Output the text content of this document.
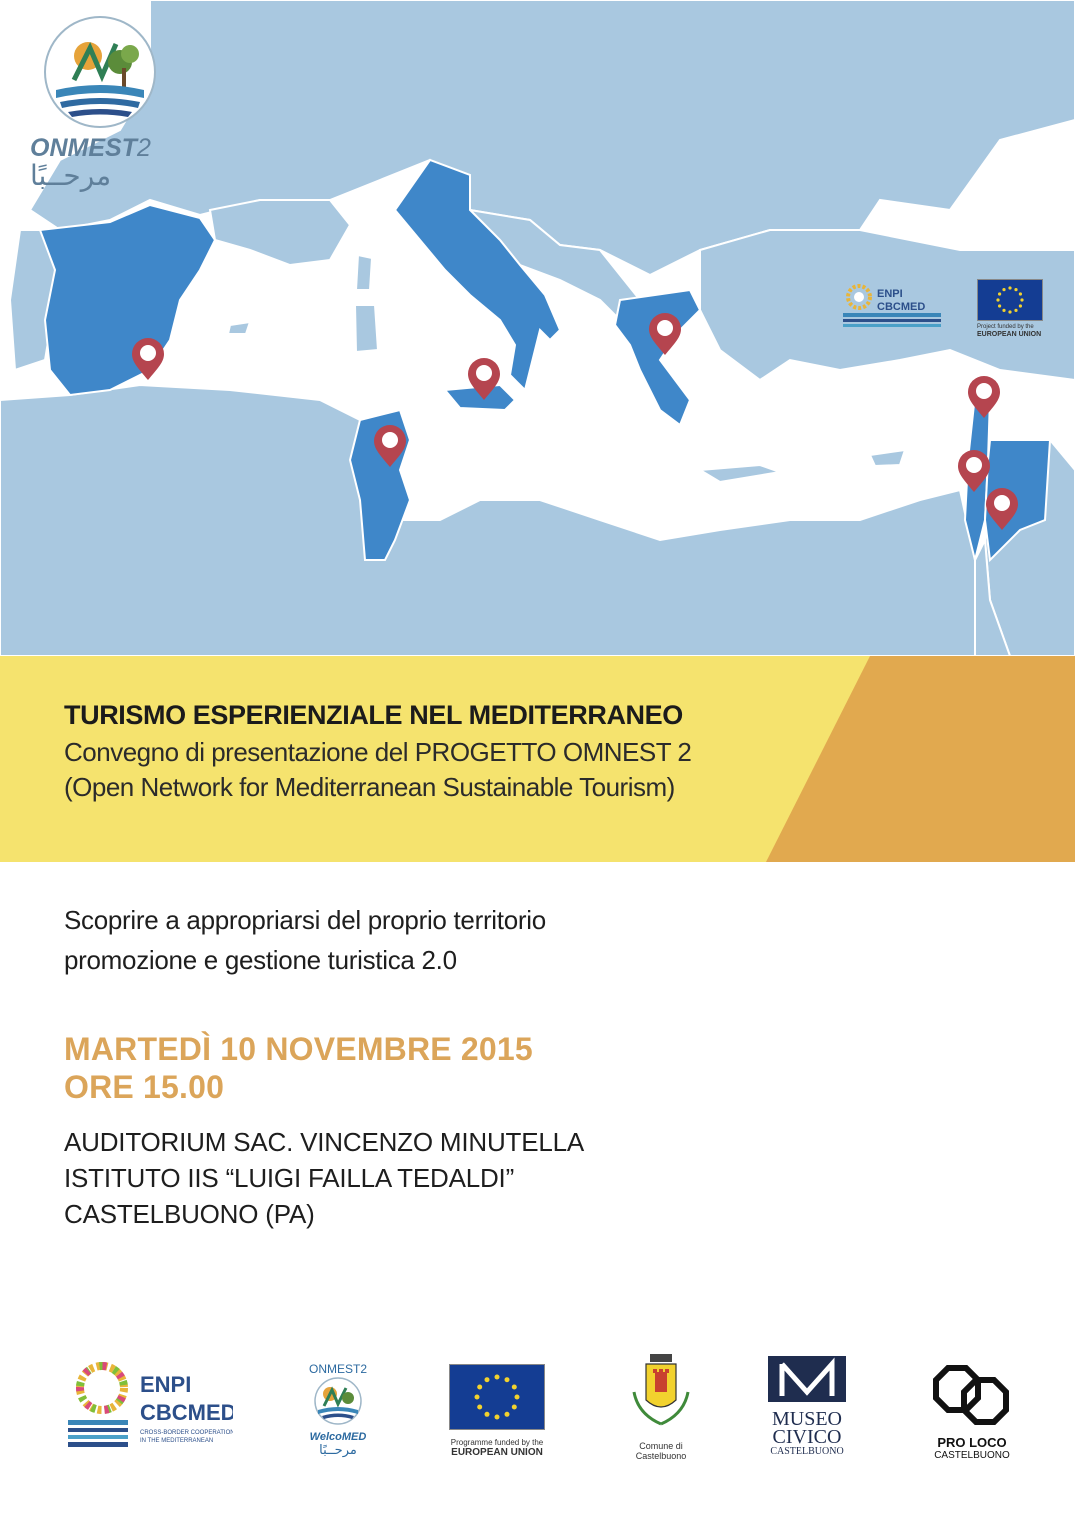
ONMEST2
مرحــبًا
ENPI
CBCMED
Project funded by the
EUROPEAN UNION
TURISMO ESPERIENZIALE NEL MEDITERRANEO
Convegno di presentazione del PROGETTO OMNEST 2
(Open Network for Mediterranean Sustainable Tourism)
Scoprire a appropriarsi del proprio territorio
promozione e gestione turistica 2.0
MARTEDÌ 10 NOVEMBRE 2015
ORE 15.00
AUDITORIUM SAC. VINCENZO MINUTELLA
ISTITUTO IIS “LUIGI FAILLA TEDALDI”
CASTELBUONO (PA)
ENPI
CBCMED
CROSS-BORDER COOPERATION
IN THE MEDITERRANEAN
ONMEST2
WelcoMED
مرحــبًا
Programme funded by the
EUROPEAN UNION
Comune di
Castelbuono
MUSEO
CIVICO
CASTELBUONO
PRO LOCO
CASTELBUONO
